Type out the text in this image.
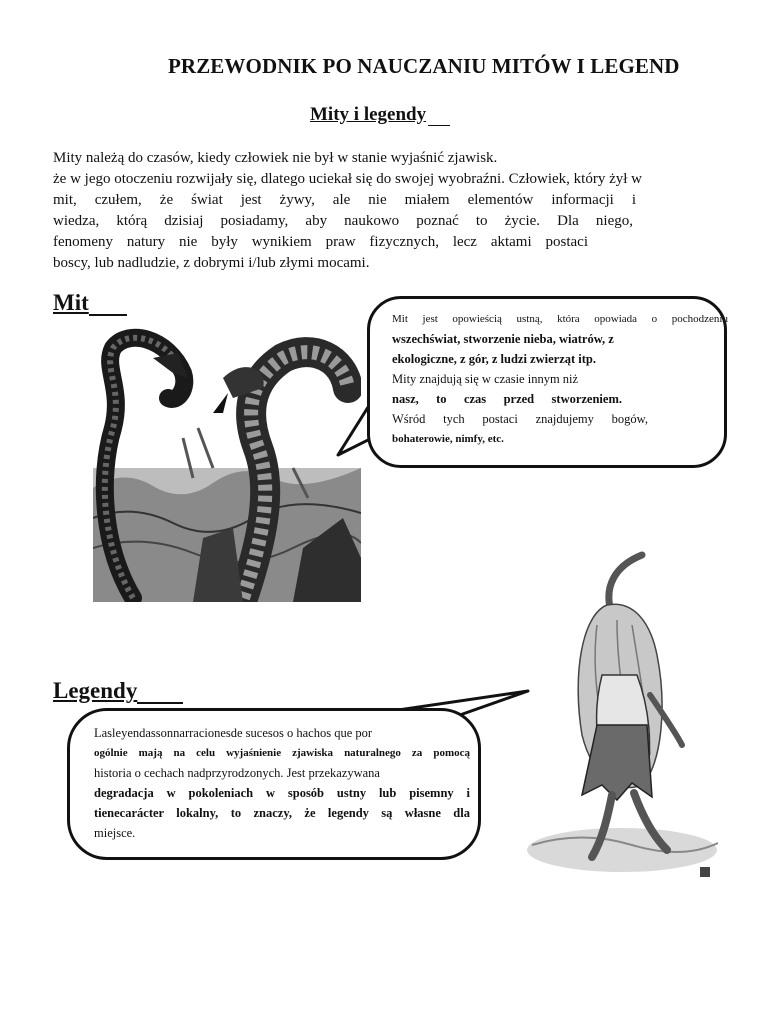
PRZEWODNIK PO NAUCZANIU MITÓW I LEGEND
Mity i legendy
Mity należą do czasów, kiedy człowiek nie był w stanie wyjaśnić zjawisk.
że w jego otoczeniu rozwijały się, dlatego uciekał się do swojej wyobraźni. Człowiek, który żył w
mit, czułem, że świat jest żywy, ale nie miałem elementów informacji i
wiedza, którą dzisiaj posiadamy, aby naukowo poznać to życie. Dla niego,
fenomeny natury nie były wynikiem praw fizycznych, lecz aktami postaci
boscy, lub nadludzie, z dobrymi i/lub złymi mocami.
Mit
Mit jest opowieścią ustną, która opowiada o pochodzeniu
wszechświat, stworzenie nieba, wiatrów, z
ekologiczne, z gór, z ludzi zwierząt itp.
Mity znajdują się w czasie innym niż
nasz, to czas przed stworzeniem.
Wśród tych postaci znajdujemy bogów,
bohaterowie, nimfy, etc.
Legendy
Lasleyendassonnarracionesde sucesos o hachos que por
ogólnie mają na celu wyjaśnienie zjawiska naturalnego za pomocą
historia o cechach nadprzyrodzonych. Jest przekazywana
degradacja w pokoleniach w sposób ustny lub pisemny i
tienecarácter lokalny, to znaczy, że legendy są własne dla
miejsce.
